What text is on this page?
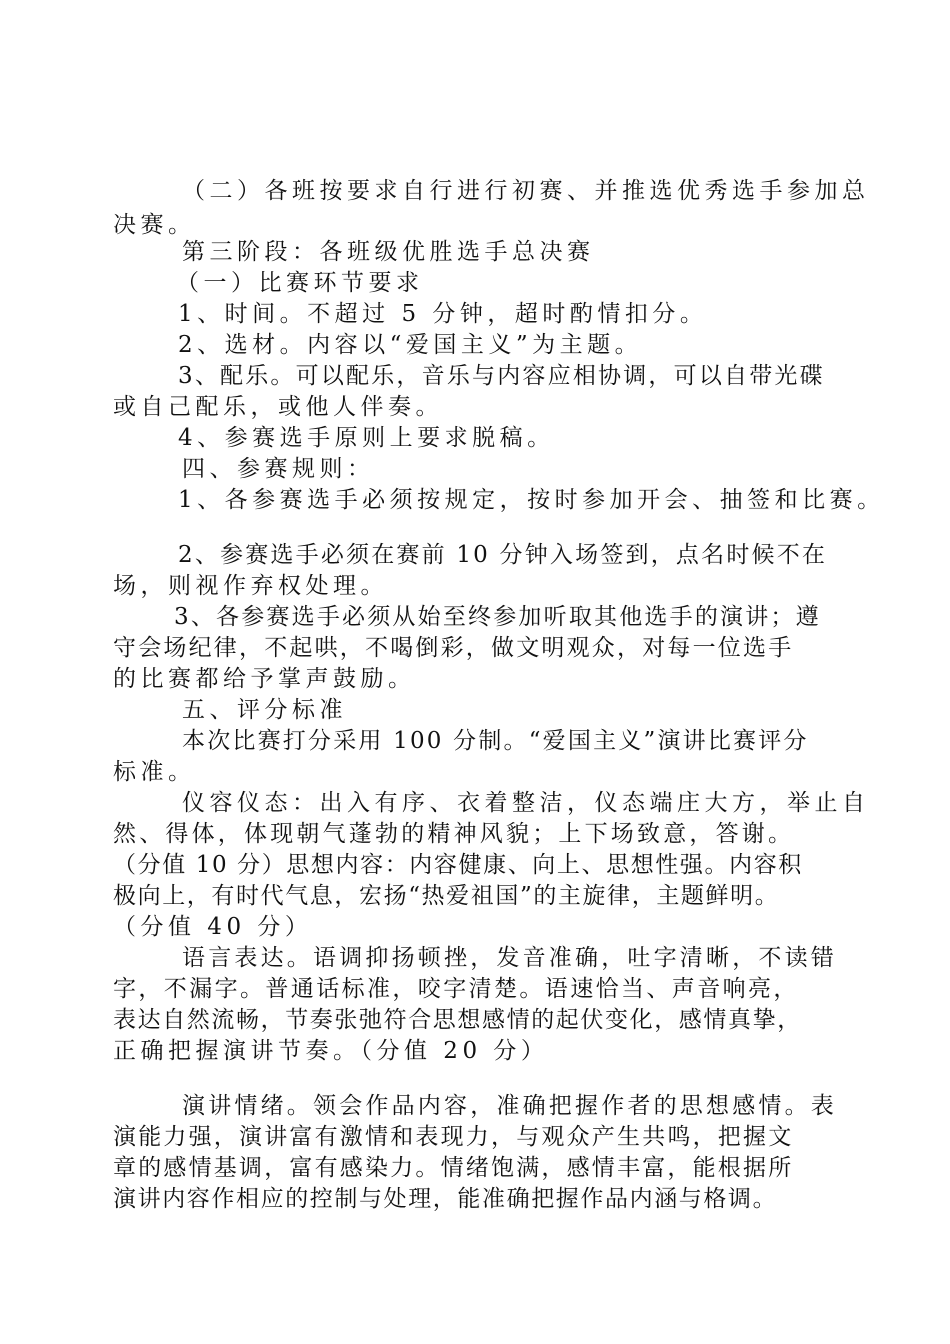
（二）各班按要求自行进行初赛、并推选优秀选手参加总
决赛。
第三阶段：各班级优胜选手总决赛
（一）比赛环节要求
1、时间。不超过 5 分钟，超时酌情扣分。
2、选材。内容以“爱国主义”为主题。
3、配乐。可以配乐，音乐与内容应相协调，可以自带光碟
或自己配乐，或他人伴奏。
4、参赛选手原则上要求脱稿。
四、参赛规则：
1、各参赛选手必须按规定，按时参加开会、抽签和比赛。
2、参赛选手必须在赛前 10 分钟入场签到，点名时候不在
场，则视作弃权处理。
3、各参赛选手必须从始至终参加听取其他选手的演讲；遵
守会场纪律，不起哄，不喝倒彩，做文明观众，对每一位选手
的比赛都给予掌声鼓励。
五、评分标准
本次比赛打分采用 100 分制。“爱国主义”演讲比赛评分
标准。
仪容仪态：出入有序、衣着整洁，仪态端庄大方，举止自
然、得体，体现朝气蓬勃的精神风貌；上下场致意，答谢。
（分值 10 分）思想内容：内容健康、向上、思想性强。内容积
极向上，有时代气息，宏扬“热爱祖国”的主旋律，主题鲜明。
（分值 40 分）
语言表达。语调抑扬顿挫，发音准确，吐字清晰，不读错
字，不漏字。普通话标准，咬字清楚。语速恰当、声音响亮，
表达自然流畅，节奏张弛符合思想感情的起伏变化，感情真挚，
正确把握演讲节奏。（分值 20 分）
演讲情绪。领会作品内容，准确把握作者的思想感情。表
演能力强，演讲富有激情和表现力，与观众产生共鸣，把握文
章的感情基调，富有感染力。情绪饱满，感情丰富，能根据所
演讲内容作相应的控制与处理，能准确把握作品内涵与格调。
